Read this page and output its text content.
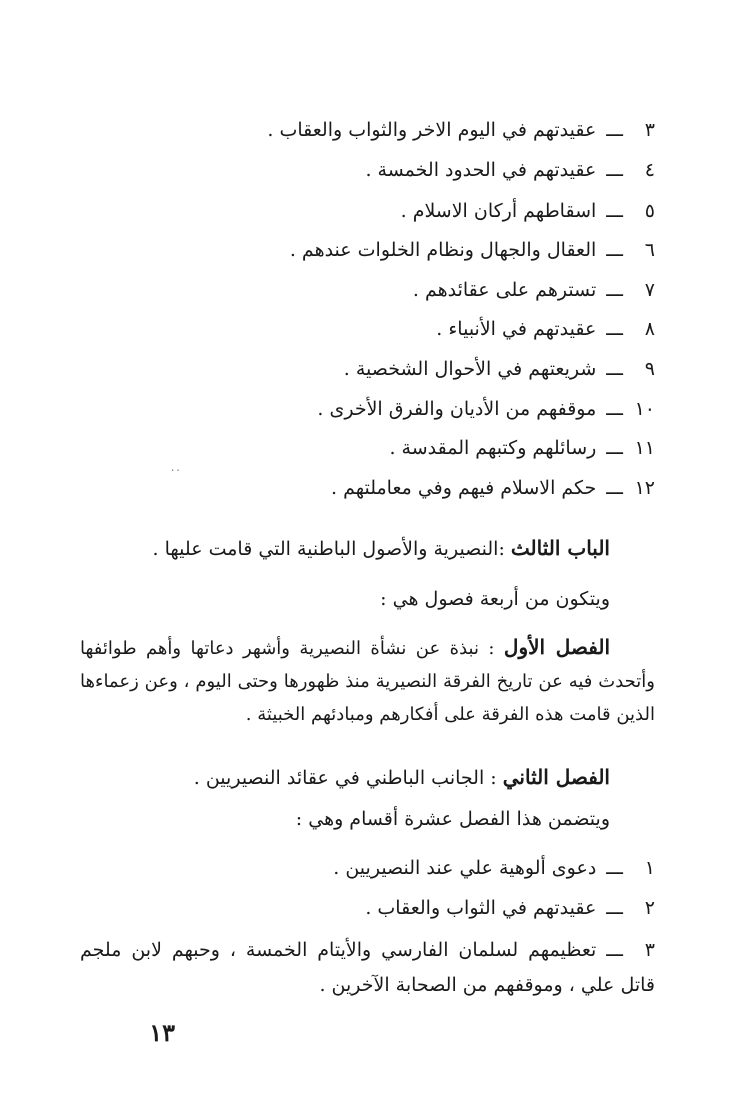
٣ـــعقيدتهم في اليوم الاخر والثواب والعقاب .
٤ـــعقيدتهم في الحدود الخمسة .
٥ـــاسقاطهم أركان الاسلام .
٦ـــالعقال والجهال ونظام الخلوات عندهم .
٧ـــتسترهم على عقائدهم .
٨ـــعقيدتهم في الأنبياء .
٩ـــشريعتهم في الأحوال الشخصية .
١٠ـــموقفهم من الأديان والفرق الأخرى .
١١ـــرسائلهم وكتبهم المقدسة .
١٢ـــحكم الاسلام فيهم وفي معاملتهم .
٠٠
الباب الثالث :النصيرية والأصول الباطنية التي قامت عليها .
ويتكون من أربعة فصول هي :
الفصل الأول : نبذة عن نشأة النصيرية وأشهر دعاتها وأهم طوائفها وأتحدث فيه عن تاريخ الفرقة النصيرية منذ ظهورها وحتى اليوم ، وعن زعماءها الذين قامت هذه الفرقة على أفكارهم ومبادئهم الخبيثة .
الفصل الثاني : الجانب الباطني في عقائد النصيريين .
ويتضمن هذا الفصل عشرة أقسام وهي :
١ـــدعوى ألوهية علي عند النصيريين .
٢ـــعقيدتهم في الثواب والعقاب .
٣ـــتعظيمهم لسلمان الفارسي والأيتام الخمسة ، وحبهم لابن ملجم قاتل علي ، وموقفهم من الصحابة الآخرين .
١٣
